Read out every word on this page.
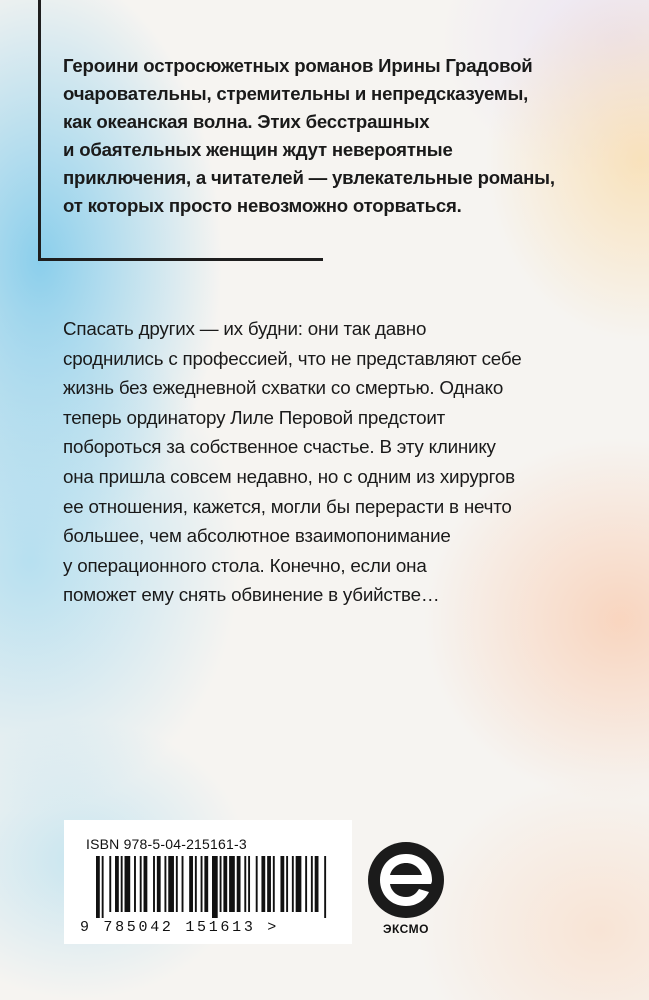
Героини остросюжетных романов Ирины Градовой
очаровательны, стремительны и непредсказуемы,
как океанская волна. Этих бесстрашных
и обаятельных женщин ждут невероятные
приключения, а читателей — увлекательные романы,
от которых просто невозможно оторваться.

Спасать других — их будни: они так давно
сроднились с профессией, что не представляют себе
жизнь без ежедневной схватки со смертью. Однако
теперь ординатору Лиле Перовой предстоит
побороться за собственное счастье. В эту клинику
она пришла совсем недавно, но с одним из хирургов
ее отношения, кажется, могли бы перерасти в нечто
большее, чем абсолютное взаимопонимание
у операционного стола. Конечно, если она
поможет ему снять обвинение в убийстве…

ISBN 978-5-04-215161-3
9 785042 151613 >	ЭКСМО
